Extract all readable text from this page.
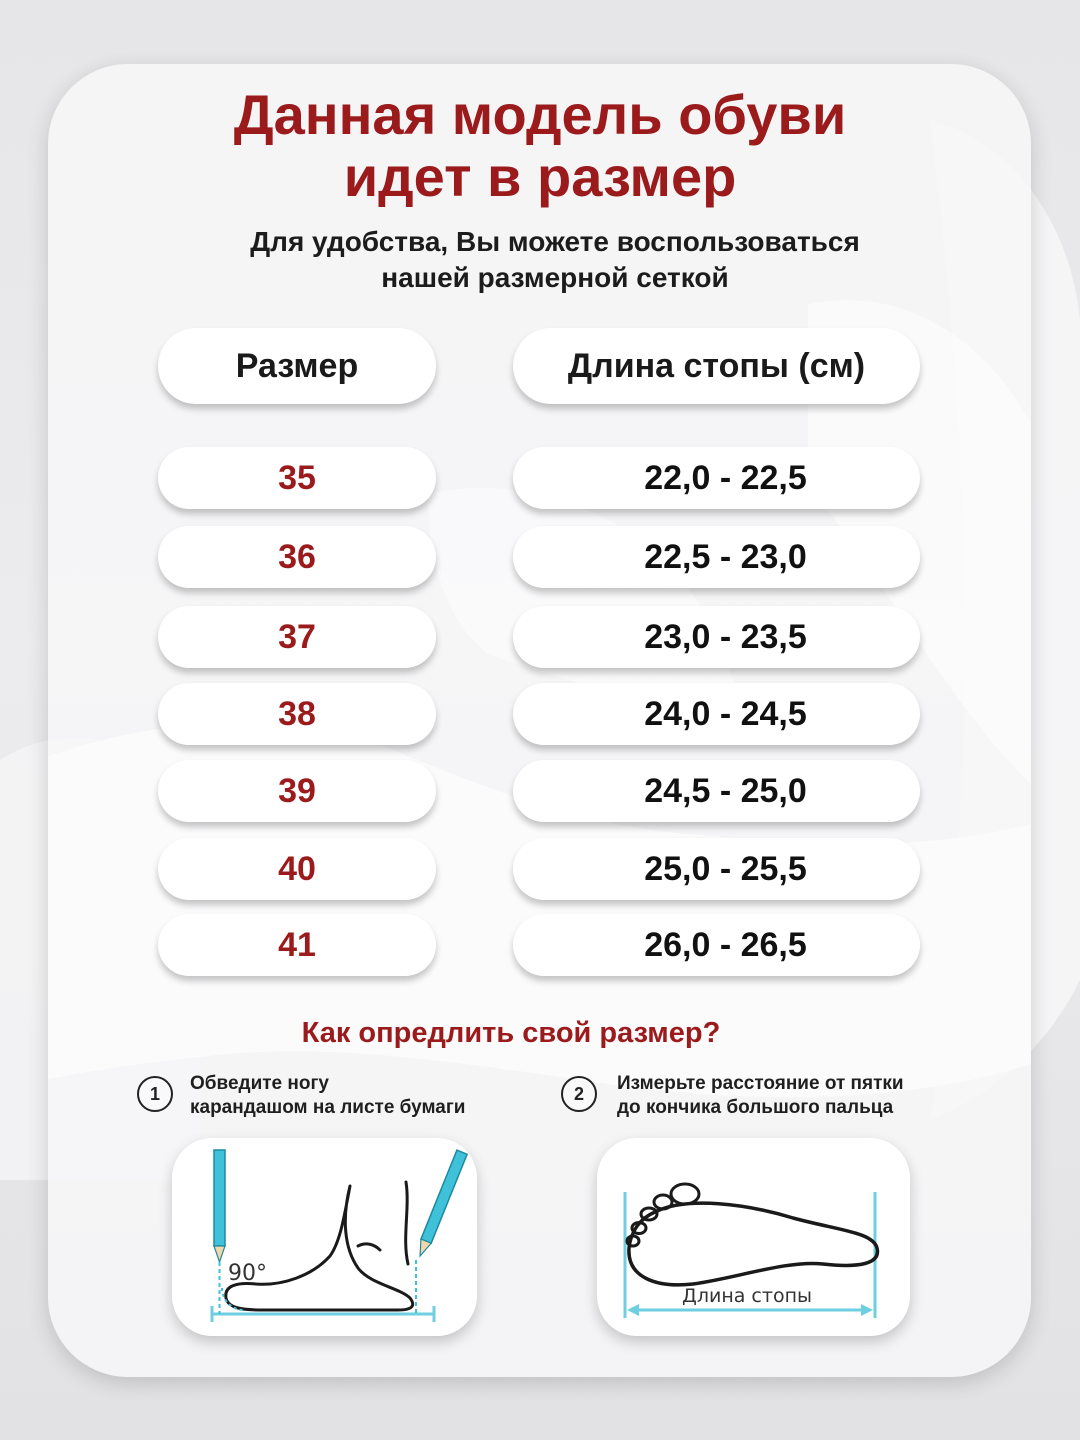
Данная модель обуви
идет в размер
Для удобства, Вы можете воспользоваться
нашей размерной сеткой
Размер	Длина стопы (см)
35	22,0 - 22,5
36	22,5 - 23,0
37	23,0 - 23,5
38	24,0 - 24,5
39	24,5 - 25,0
40	25,0 - 25,5
41	26,0 - 26,5
Как опредлить свой размер?
1	Обведите ногу
карандашом на листе бумаги
2	Измерьте расстояние от пятки
до кончика большого пальца
90°
Длина стопы
